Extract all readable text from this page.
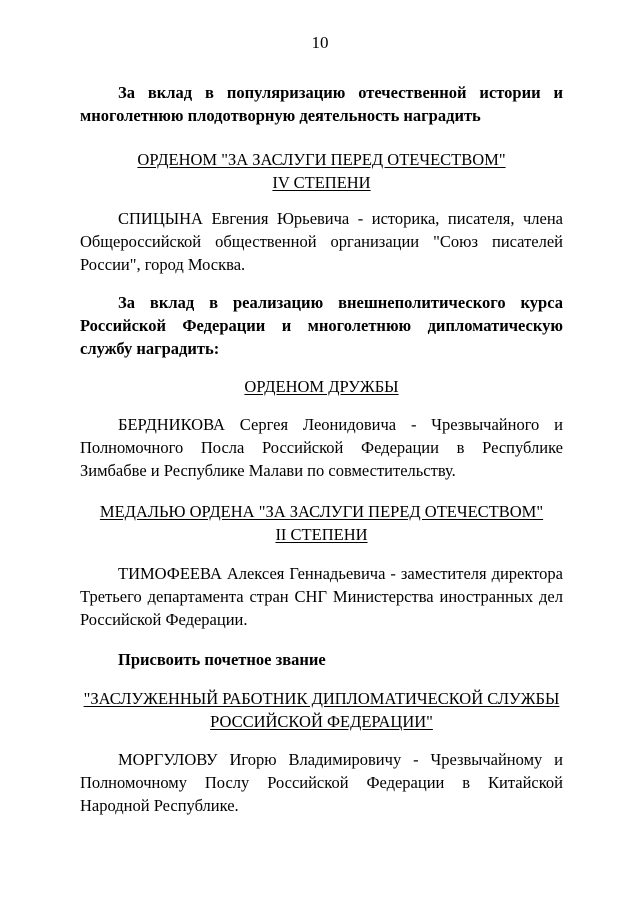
10
За вклад в популяризацию отечественной истории и многолетнюю плодотворную деятельность наградить
ОРДЕНОМ "ЗА ЗАСЛУГИ ПЕРЕД ОТЕЧЕСТВОМ"
IV СТЕПЕНИ
СПИЦЫНА Евгения Юрьевича - историка, писателя, члена Общероссийской общественной организации "Союз писателей России", город Москва.
За вклад в реализацию внешнеполитического курса Российской Федерации и многолетнюю дипломатическую службу наградить:
ОРДЕНОМ ДРУЖБЫ
БЕРДНИКОВА Сергея Леонидовича - Чрезвычайного и Полномочного Посла Российской Федерации в Республике Зимбабве и Республике Малави по совместительству.
МЕДАЛЬЮ ОРДЕНА "ЗА ЗАСЛУГИ ПЕРЕД ОТЕЧЕСТВОМ"
II СТЕПЕНИ
ТИМОФЕЕВА Алексея Геннадьевича - заместителя директора Третьего департамента стран СНГ Министерства иностранных дел Российской Федерации.
Присвоить почетное звание
"ЗАСЛУЖЕННЫЙ РАБОТНИК ДИПЛОМАТИЧЕСКОЙ СЛУЖБЫ
РОССИЙСКОЙ ФЕДЕРАЦИИ"
МОРГУЛОВУ Игорю Владимировичу - Чрезвычайному и Полномочному Послу Российской Федерации в Китайской Народной Республике.
